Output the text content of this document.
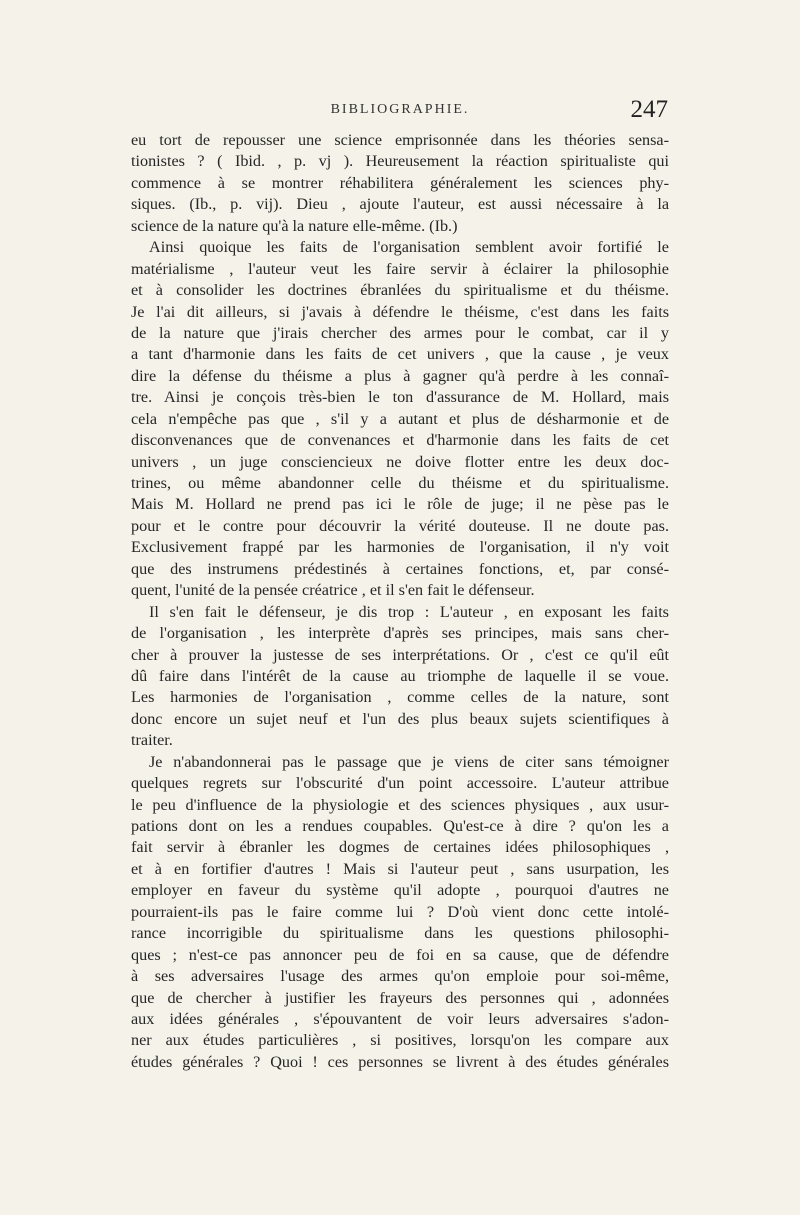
BIBLIOGRAPHIE.	247
eu tort de repousser une science emprisonnée dans les théories sensa-
tionistes ? ( Ibid. , p. vj ). Heureusement la réaction spiritualiste qui
commence à se montrer réhabilitera généralement les sciences phy-
siques. (Ib., p. vij). Dieu , ajoute l'auteur, est aussi nécessaire à la
science de la nature qu'à la nature elle-même. (Ib.)
Ainsi quoique les faits de l'organisation semblent avoir fortifié le
matérialisme , l'auteur veut les faire servir à éclairer la philosophie
et à consolider les doctrines ébranlées du spiritualisme et du théisme.
Je l'ai dit ailleurs, si j'avais à défendre le théisme, c'est dans les faits
de la nature que j'irais chercher des armes pour le combat, car il y
a tant d'harmonie dans les faits de cet univers , que la cause , je veux
dire la défense du théisme a plus à gagner qu'à perdre à les connaî-
tre. Ainsi je conçois très-bien le ton d'assurance de M. Hollard, mais
cela n'empêche pas que , s'il y a autant et plus de désharmonie et de
disconvenances que de convenances et d'harmonie dans les faits de cet
univers , un juge consciencieux ne doive flotter entre les deux doc-
trines, ou même abandonner celle du théisme et du spiritualisme.
Mais M. Hollard ne prend pas ici le rôle de juge; il ne pèse pas le
pour et le contre pour découvrir la vérité douteuse. Il ne doute pas.
Exclusivement frappé par les harmonies de l'organisation, il n'y voit
que des instrumens prédestinés à certaines fonctions, et, par consé-
quent, l'unité de la pensée créatrice , et il s'en fait le défenseur.
Il s'en fait le défenseur, je dis trop : L'auteur , en exposant les faits
de l'organisation , les interprète d'après ses principes, mais sans cher-
cher à prouver la justesse de ses interprétations. Or , c'est ce qu'il eût
dû faire dans l'intérêt de la cause au triomphe de laquelle il se voue.
Les harmonies de l'organisation , comme celles de la nature, sont
donc encore un sujet neuf et l'un des plus beaux sujets scientifiques à
traiter.
Je n'abandonnerai pas le passage que je viens de citer sans témoigner
quelques regrets sur l'obscurité d'un point accessoire. L'auteur attribue
le peu d'influence de la physiologie et des sciences physiques , aux usur-
pations dont on les a rendues coupables. Qu'est-ce à dire ? qu'on les a
fait servir à ébranler les dogmes de certaines idées philosophiques ,
et à en fortifier d'autres ! Mais si l'auteur peut , sans usurpation, les
employer en faveur du système qu'il adopte , pourquoi d'autres ne
pourraient-ils pas le faire comme lui ? D'où vient donc cette intolé-
rance incorrigible du spiritualisme dans les questions philosophi-
ques ; n'est-ce pas annoncer peu de foi en sa cause, que de défendre
à ses adversaires l'usage des armes qu'on emploie pour soi-même,
que de chercher à justifier les frayeurs des personnes qui , adonnées
aux idées générales , s'épouvantent de voir leurs adversaires s'adon-
ner aux études particulières , si positives, lorsqu'on les compare aux
études générales ? Quoi ! ces personnes se livrent à des études générales
